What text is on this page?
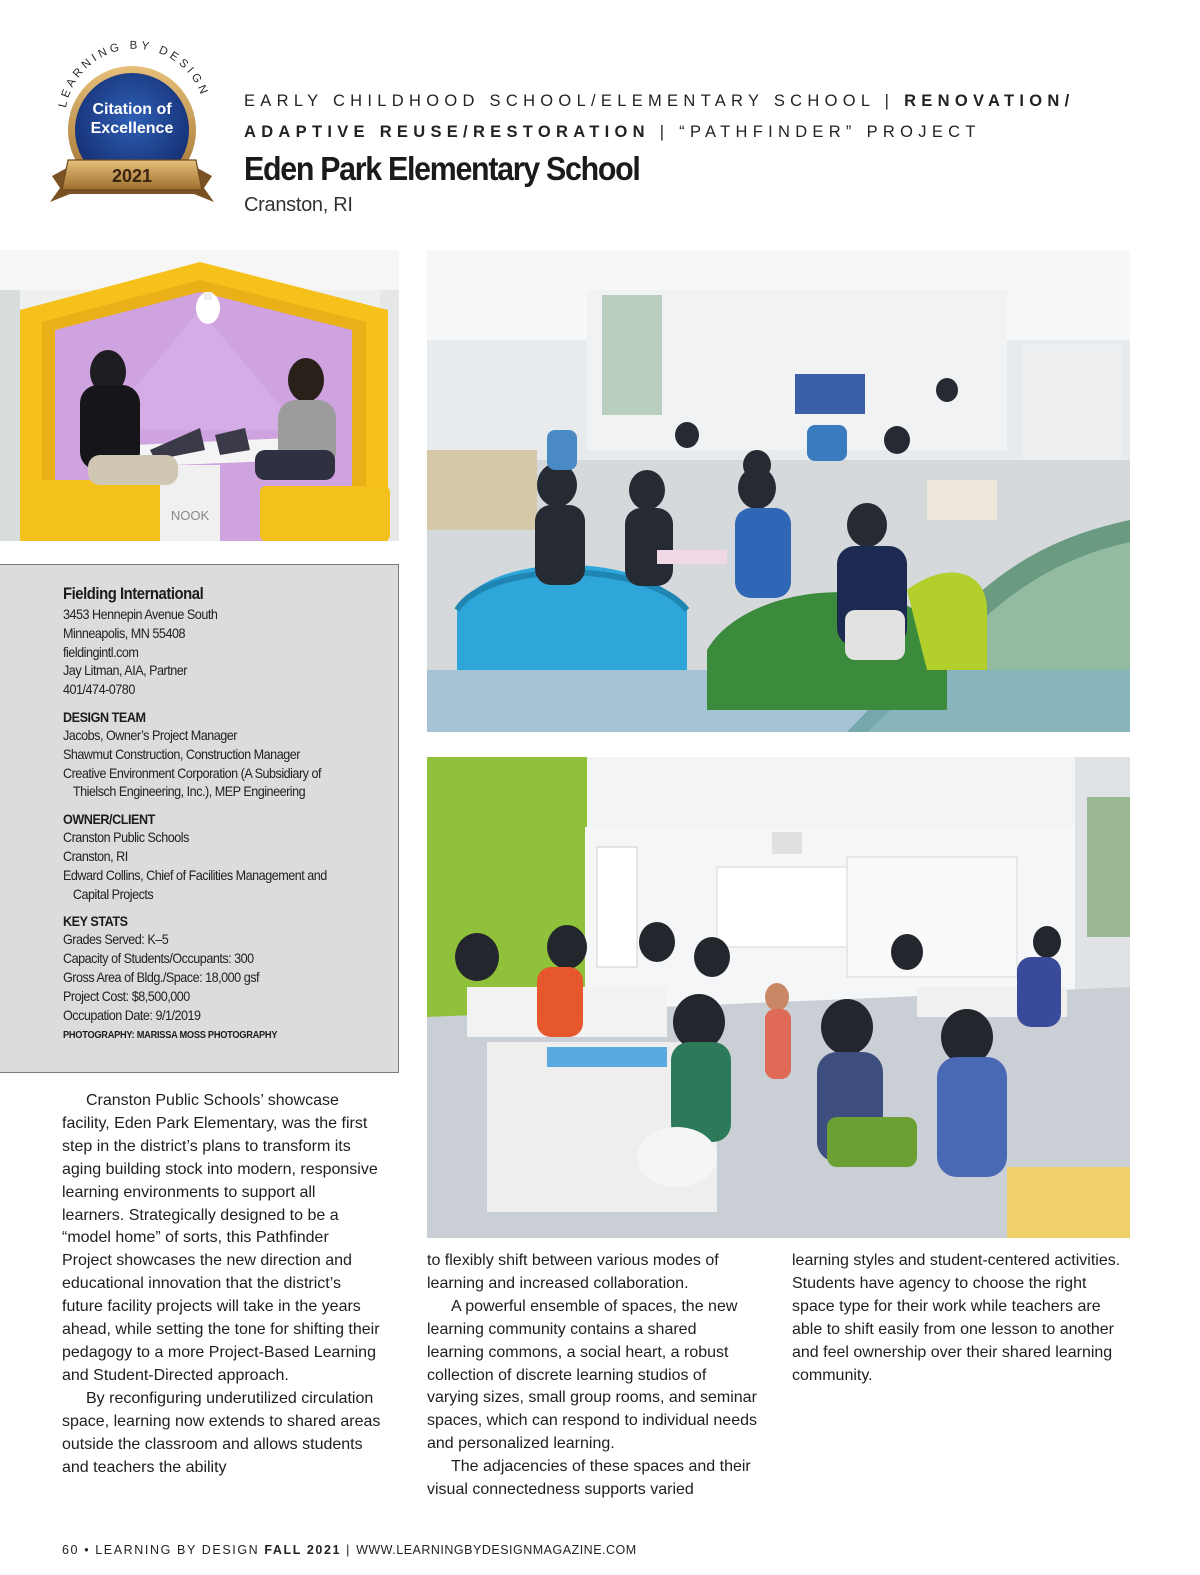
LEARNING BY DESIGN
Citation of
Excellence
2021
EARLY CHILDHOOD SCHOOL/ELEMENTARY SCHOOL | RENOVATION/
ADAPTIVE REUSE/RESTORATION | “PATHFINDER” PROJECT
Eden Park Elementary School
Cranston, RI
NOOK
Fielding International
3453 Hennepin Avenue South
Minneapolis, MN 55408
fieldingintl.com
Jay Litman, AIA, Partner
401/474-0780
DESIGN TEAM
Jacobs, Owner’s Project Manager
Shawmut Construction, Construction Manager
Creative Environment Corporation (A Subsidiary of
Thielsch Engineering, Inc.), MEP Engineering
OWNER/CLIENT
Cranston Public Schools
Cranston, RI
Edward Collins, Chief of Facilities Management and
Capital Projects
KEY STATS
Grades Served: K–5
Capacity of Students/Occupants: 300
Gross Area of Bldg./Space: 18,000 gsf
Project Cost: $8,500,000
Occupation Date: 9/1/2019
PHOTOGRAPHY: MARISSA MOSS PHOTOGRAPHY

Cranston Public Schools’ showcase facility, Eden Park Elementary, was the first step in the district’s plans to transform its aging building stock into modern, responsive learning environments to support all learners. Strategically designed to be a “model home” of sorts, this Pathfinder Project showcases the new direction and educational innovation that the district’s future facility projects will take in the years ahead, while setting the tone for shifting their pedagogy to a more Project-Based Learning and Student-Directed approach.

By reconfiguring underutilized circulation space, learning now extends to shared areas outside the classroom and allows students and teachers the ability

to flexibly shift between various modes of learning and increased collaboration.

A powerful ensemble of spaces, the new learning community contains a shared learning commons, a social heart, a robust collection of discrete learning studios of varying sizes, small group rooms, and seminar spaces, which can respond to individual needs and personalized learning.

The adjacencies of these spaces and their visual connectedness supports varied

learning styles and student-centered activities. Students have agency to choose the right space type for their work while teachers are able to shift easily from one lesson to another and feel ownership over their shared learning community.

60 • LEARNING BY DESIGN FALL 2021 | WWW.LEARNINGBYDESIGNMAGAZINE.COM
